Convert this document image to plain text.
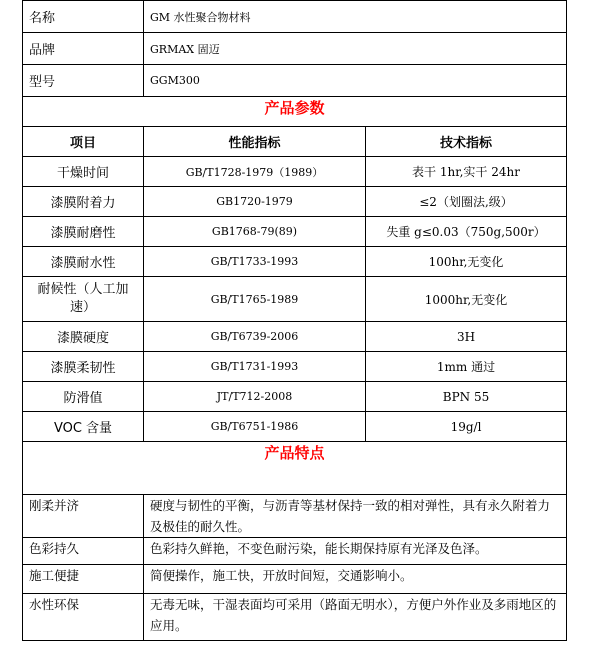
名称	GM 水性聚合物材料	
品牌	GRMAX 固迈	
型号	GGM300	
产品参数		
项目	性能指标	技术指标
干燥时间	GB/T1728-1979（1989）	表干 1hr,实干 24hr
漆膜附着力	GB1720-1979	≤2（划圈法,级）
漆膜耐磨性	GB1768-79(89)	失重 g≤0.03（750g,500r）
漆膜耐水性	GB/T1733-1993	100hr,无变化
耐候性（人工加速）	GB/T1765-1989	1000hr,无变化
漆膜硬度	GB/T6739-2006	3H
漆膜柔韧性	GB/T1731-1993	1mm 通过
防滑值	JT/T712-2008	BPN 55
VOC 含量	GB/T6751-1986	19g/l
产品特点		
刚柔并济	硬度与韧性的平衡，与沥青等基材保持一致的相对弹性，具有永久附着力及极佳的耐久性。	
色彩持久	色彩持久鲜艳，不变色耐污染，能长期保持原有光泽及色泽。	
施工便捷	简便操作，施工快，开放时间短，交通影响小。	
水性环保	无毒无味，干湿表面均可采用（路面无明水），方便户外作业及多雨地区的应用。	
